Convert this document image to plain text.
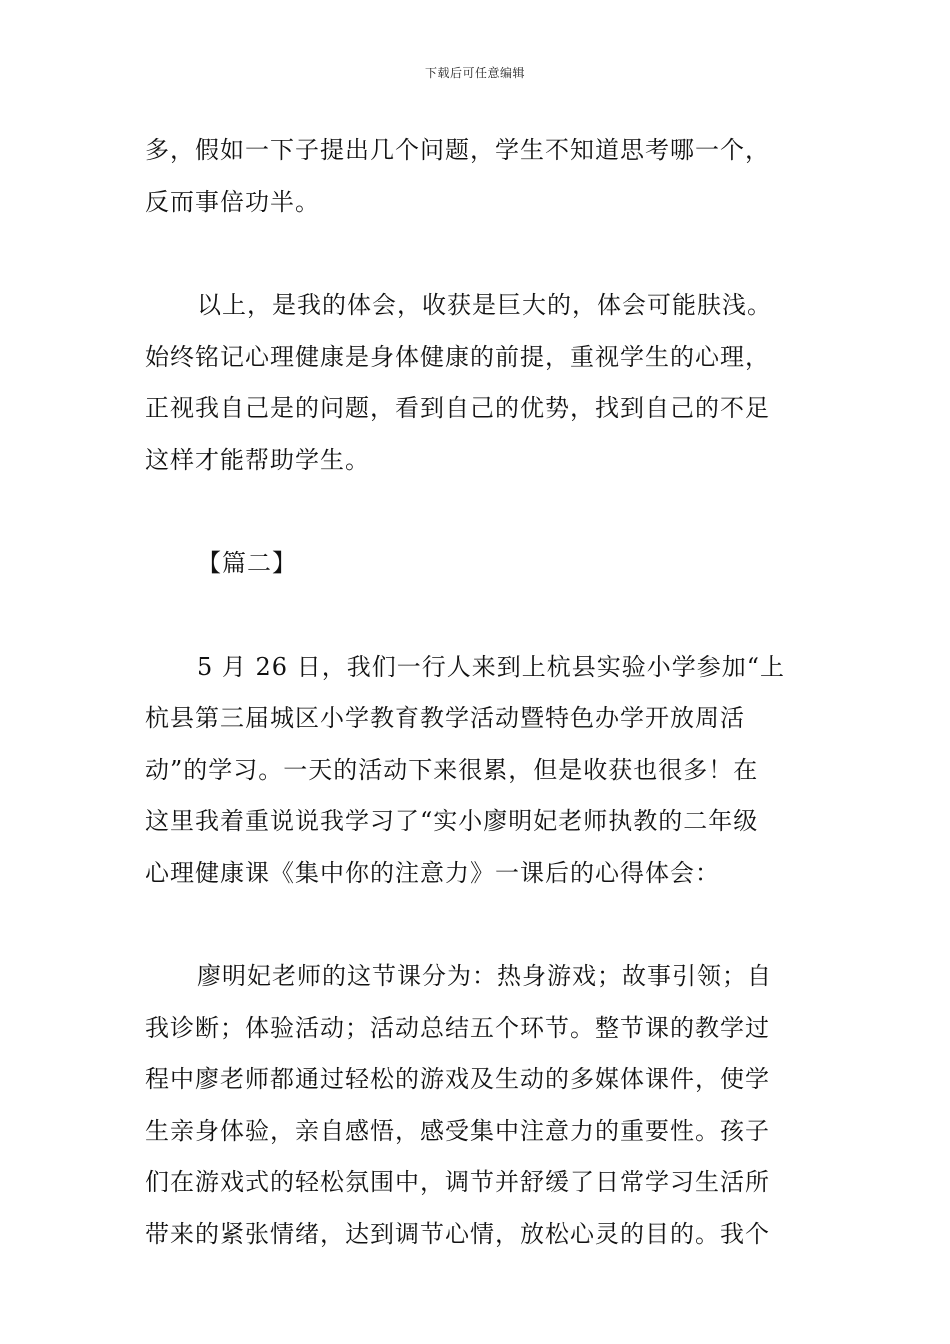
下载后可任意编辑

多，假如一下子提出几个问题，学生不知道思考哪一个，

反而事倍功半。

以上，是我的体会，收获是巨大的，体会可能肤浅。

始终铭记心理健康是身体健康的前提，重视学生的心理，

正视我自己是的问题，看到自己的优势，找到自己的不足

这样才能帮助学生。

【篇二】

5 月 26 日，我们一行人来到上杭县实验小学参加“上

杭县第三届城区小学教育教学活动暨特色办学开放周活

动”的学习。一天的活动下来很累，但是收获也很多！在

这里我着重说说我学习了“实小廖明妃老师执教的二年级

心理健康课《集中你的注意力》一课后的心得体会：

廖明妃老师的这节课分为：热身游戏；故事引领；自

我诊断；体验活动；活动总结五个环节。整节课的教学过

程中廖老师都通过轻松的游戏及生动的多媒体课件，使学

生亲身体验，亲自感悟，感受集中注意力的重要性。孩子

们在游戏式的轻松氛围中，调节并舒缓了日常学习生活所

带来的紧张情绪，达到调节心情，放松心灵的目的。我个
